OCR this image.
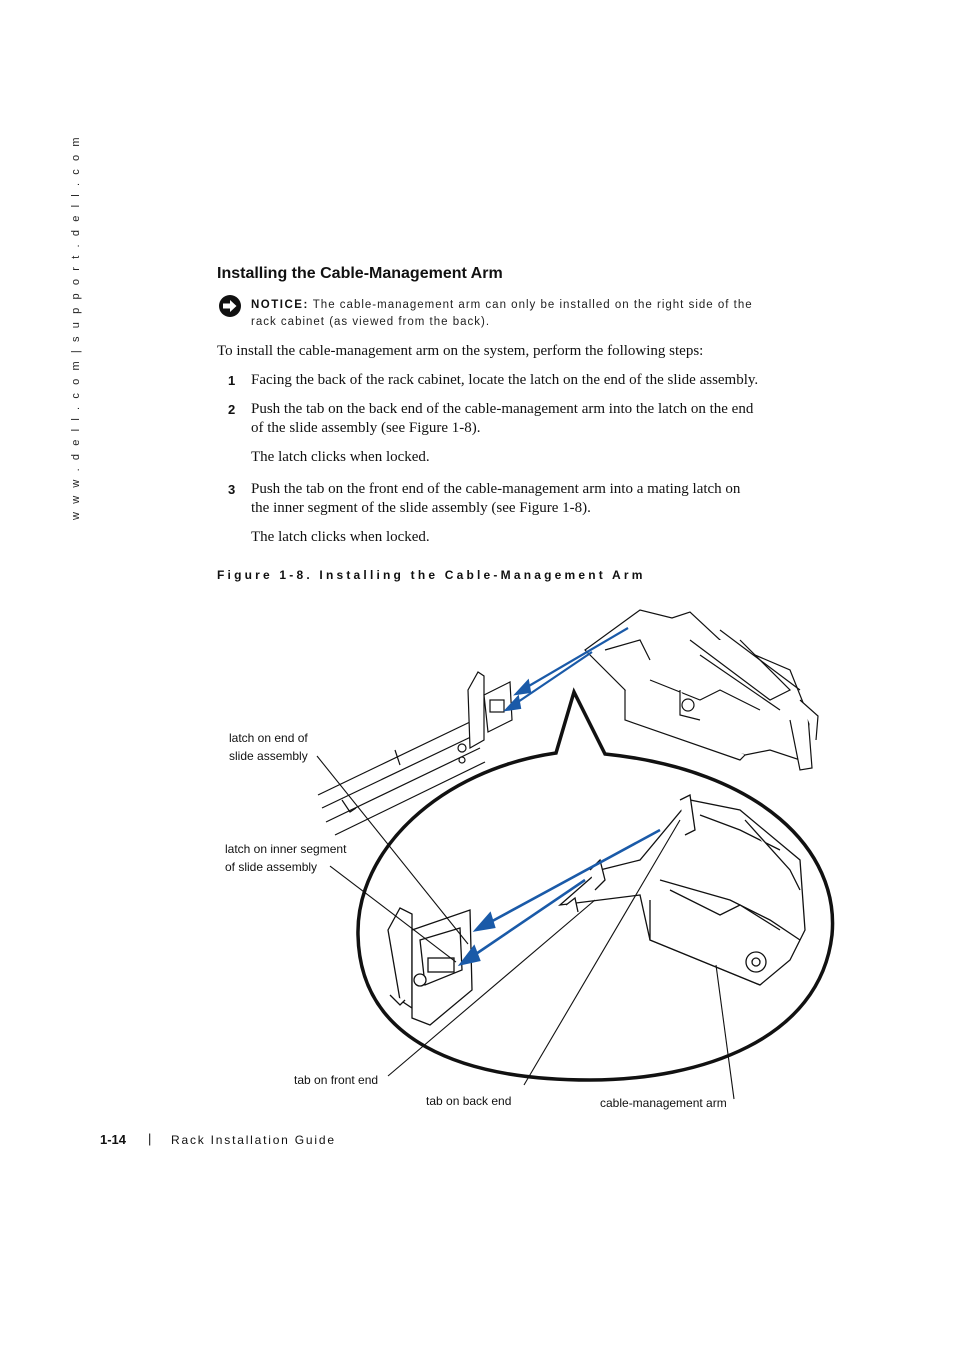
w w w . d e l l . c o m | s u p p o r t . d e l l . c o m	Installing the Cable-Management Arm
NOTICE: The cable-management arm can only be installed on the right side of the
rack cabinet (as viewed from the back).
To install the cable-management arm on the system, perform the following steps:
1 Facing the back of the rack cabinet, locate the latch on the end of the slide assembly.
2 Push the tab on the back end of the cable-management arm into the latch on the end
of the slide assembly (see Figure 1-8).
The latch clicks when locked.
3 Push the tab on the front end of the cable-management arm into a mating latch on
the inner segment of the slide assembly (see Figure 1-8).
The latch clicks when locked.
Figure 1-8. Installing the Cable-Management Arm
latch on end of
slide assembly
latch on inner segment
of slide assembly
tab on front end
tab on back end	cable-management arm
1-14 | Rack Installation Guide
